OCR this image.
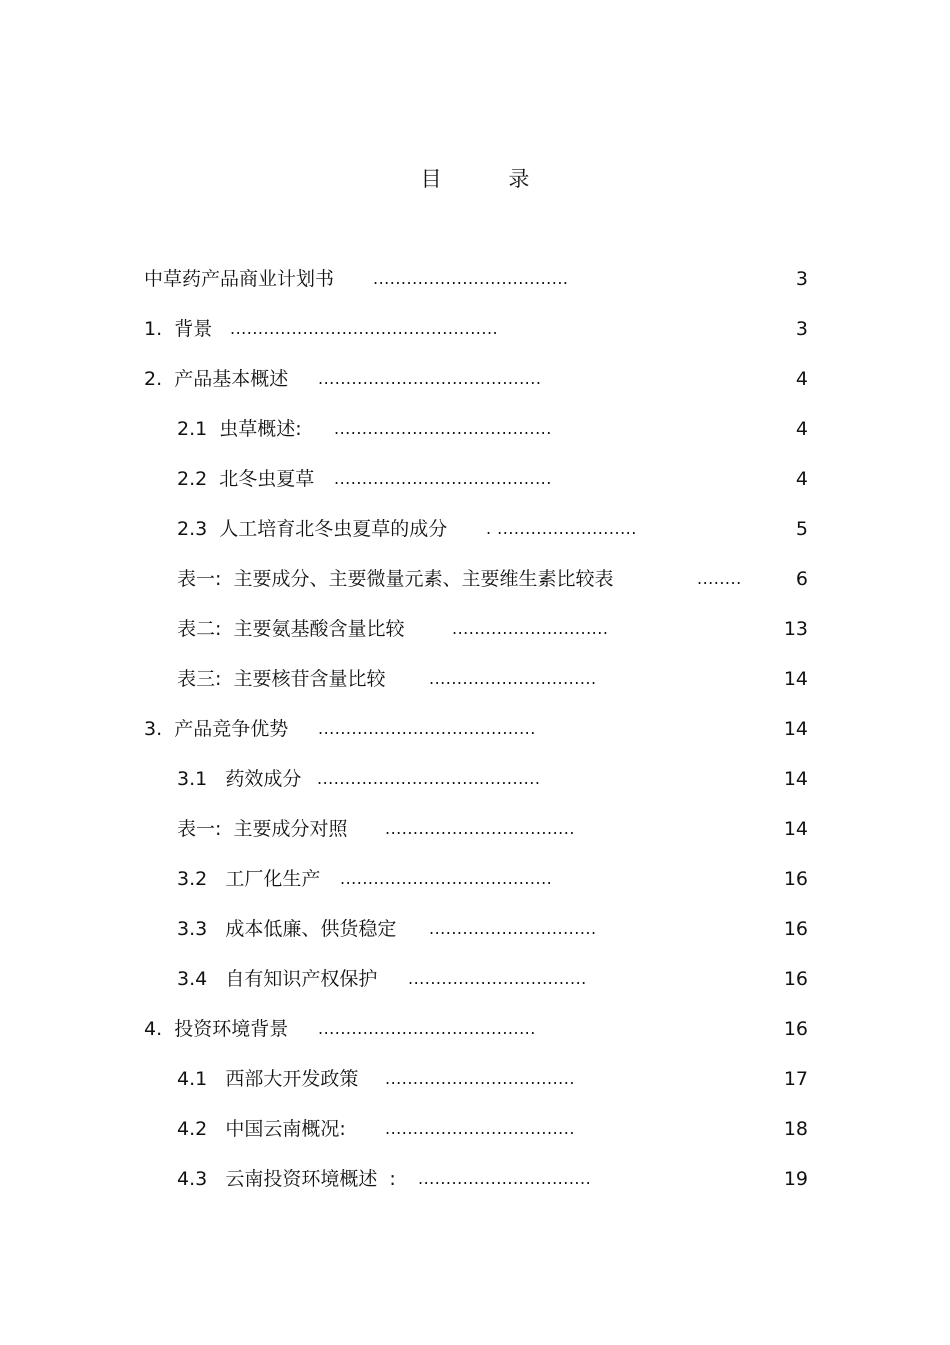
目 录
中草药产品商业计划书 ...................................	3
1.  背景 ................................................	3
2.  产品基本概述 ........................................	4
2.1  虫草概述: .......................................	4
2.2  北冬虫夏草 .......................................	4
2.3  人工培育北冬虫夏草的成分 . .........................	5
表一:  主要成分、主要微量元素、主要维生素比较表	........	6
表二:  主要氨基酸含量比较	............................	13
表三:  主要核苷含量比较	..............................	14
3.  产品竞争优势 .......................................	14
3.1   药效成分 ........................................	14
表一:  主要成分对照 ..................................	14
3.2   工厂化生产 ......................................	16
3.3   成本低廉、供货稳定 ..............................	16
3.4   自有知识产权保护 ................................	16
4.  投资环境背景 .......................................	16
4.1   西部大开发政策 ..................................	17
4.2   中国云南概况: ..................................	18
4.3   云南投资环境概述  : ...............................	19
